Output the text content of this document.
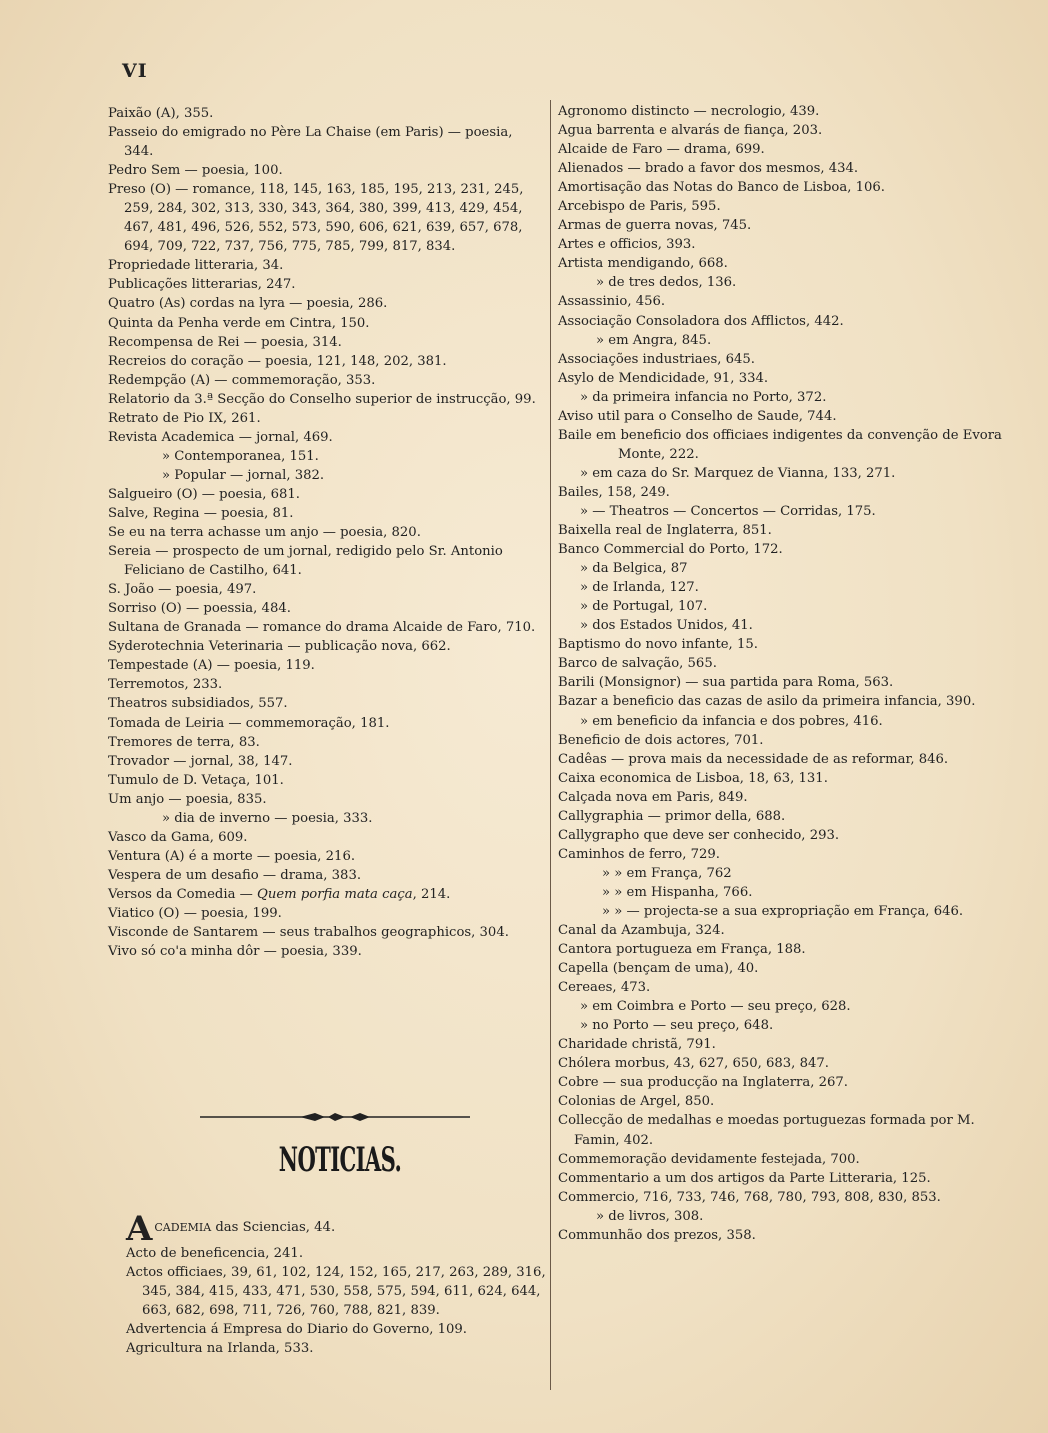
VI
Paixão (A), 355.
Passeio do emigrado no Père La Chaise (em Paris) — poesia, 344.
Pedro Sem — poesia, 100.
Preso (O) — romance, 118, 145, 163, 185, 195, 213, 231, 245, 259, 284, 302, 313, 330, 343, 364, 380, 399, 413, 429, 454, 467, 481, 496, 526, 552, 573, 590, 606, 621, 639, 657, 678, 694, 709, 722, 737, 756, 775, 785, 799, 817, 834.
Propriedade litteraria, 34.
Publicações litterarias, 247.
Quatro (As) cordas na lyra — poesia, 286.
Quinta da Penha verde em Cintra, 150.
Recompensa de Rei — poesia, 314.
Recreios do coração — poesia, 121, 148, 202, 381.
Redempção (A) — commemoração, 353.
Relatorio da 3.ª Secção do Conselho superior de instrucção, 99.
Retrato de Pio IX, 261.
Revista Academica — jornal, 469.
» Contemporanea, 151.
» Popular — jornal, 382.
Salgueiro (O) — poesia, 681.
Salve, Regina — poesia, 81.
Se eu na terra achasse um anjo — poesia, 820.
Sereia — prospecto de um jornal, redigido pelo Sr. Antonio Feliciano de Castilho, 641.
S. João — poesia, 497.
Sorriso (O) — poessia, 484.
Sultana de Granada — romance do drama Alcaide de Faro, 710.
Syderotechnia Veterinaria — publicação nova, 662.
Tempestade (A) — poesia, 119.
Terremotos, 233.
Theatros subsidiados, 557.
Tomada de Leiria — commemoração, 181.
Tremores de terra, 83.
Trovador — jornal, 38, 147.
Tumulo de D. Vetaça, 101.
Um anjo — poesia, 835.
» dia de inverno — poesia, 333.
Vasco da Gama, 609.
Ventura (A) é a morte — poesia, 216.
Vespera de um desafio — drama, 383.
Versos da Comedia — Quem porfia mata caça, 214.
Viatico (O) — poesia, 199.
Visconde de Santarem — seus trabalhos geographicos, 304.
Vivo só co'a minha dôr — poesia, 339.
NOTICIAS.
ACADEMIA das Sciencias, 44.
Acto de beneficencia, 241.
Actos officiaes, 39, 61, 102, 124, 152, 165, 217, 263, 289, 316, 345, 384, 415, 433, 471, 530, 558, 575, 594, 611, 624, 644, 663, 682, 698, 711, 726, 760, 788, 821, 839.
Advertencia á Empresa do Diario do Governo, 109.
Agricultura na Irlanda, 533.
Agronomo distincto — necrologio, 439.
Agua barrenta e alvarás de fiança, 203.
Alcaide de Faro — drama, 699.
Alienados — brado a favor dos mesmos, 434.
Amortisação das Notas do Banco de Lisboa, 106.
Arcebispo de Paris, 595.
Armas de guerra novas, 745.
Artes e officios, 393.
Artista mendigando, 668.
» de tres dedos, 136.
Assassinio, 456.
Associação Consoladora dos Afflictos, 442.
» em Angra, 845.
Associações industriaes, 645.
Asylo de Mendicidade, 91, 334.
» da primeira infancia no Porto, 372.
Aviso util para o Conselho de Saude, 744.
Baile em beneficio dos officiaes indigentes da convenção de Evora Monte, 222.
» em caza do Sr. Marquez de Vianna, 133, 271.
Bailes, 158, 249.
» — Theatros — Concertos — Corridas, 175.
Baixella real de Inglaterra, 851.
Banco Commercial do Porto, 172.
» da Belgica, 87
» de Irlanda, 127.
» de Portugal, 107.
» dos Estados Unidos, 41.
Baptismo do novo infante, 15.
Barco de salvação, 565.
Barili (Monsignor) — sua partida para Roma, 563.
Bazar a beneficio das cazas de asilo da primeira infancia, 390.
» em beneficio da infancia e dos pobres, 416.
Beneficio de dois actores, 701.
Cadêas — prova mais da necessidade de as reformar, 846.
Caixa economica de Lisboa, 18, 63, 131.
Calçada nova em Paris, 849.
Callygraphia — primor della, 688.
Callygrapho que deve ser conhecido, 293.
Caminhos de ferro, 729.
» » em França, 762
» » em Hispanha, 766.
» » — projecta-se a sua expropriação em França, 646.
Canal da Azambuja, 324.
Cantora portugueza em França, 188.
Capella (bençam de uma), 40.
Cereaes, 473.
» em Coimbra e Porto — seu preço, 628.
» no Porto — seu preço, 648.
Charidade christã, 791.
Chólera morbus, 43, 627, 650, 683, 847.
Cobre — sua producção na Inglaterra, 267.
Colonias de Argel, 850.
Collecção de medalhas e moedas portuguezas formada por M. Famin, 402.
Commemoração devidamente festejada, 700.
Commentario a um dos artigos da Parte Litteraria, 125.
Commercio, 716, 733, 746, 768, 780, 793, 808, 830, 853.
» de livros, 308.
Communhão dos prezos, 358.
